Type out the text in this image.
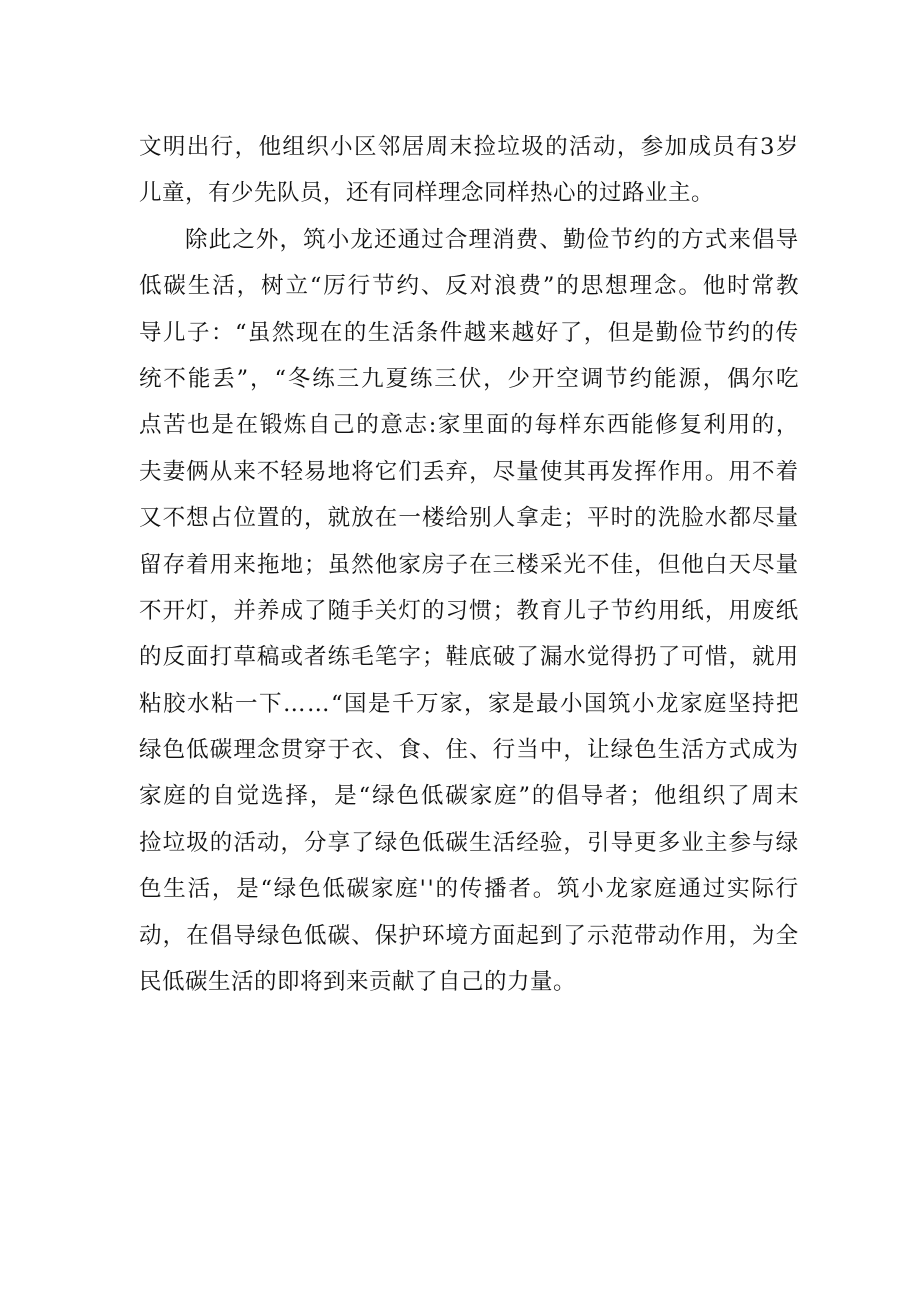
文 明 出 行 ， 他 组 织 小 区 邻 居 周 末 捡 垃 圾 的 活 动 ， 参 加 成 员 有 3 岁
儿童，有少先队员，还有同样理念同样热心的过路业主。
除 此 之 外 ， 筑 小 龙 还 通 过 合 理 消 费 、 勤 俭 节 约 的 方 式 来 倡 导
低 碳 生 活 ， 树 立 “ 厉 行 节 约 、 反 对 浪 费 ” 的 思 想 理 念 。 他 时 常 教
导 儿 子 ： “ 虽 然 现 在 的 生 活 条 件 越 来 越 好 了 ， 但 是 勤 俭 节 约 的 传
统 不 能 丢 ” ， “ 冬 练 三 九 夏 练 三 伏 ， 少 开 空 调 节 约 能 源 ， 偶 尔 吃
点 苦 也 是 在 锻 炼 自 己 的 意 志 : 家 里 面 的 每 样 东 西 能 修 复 利 用 的 ，
夫 妻 俩 从 来 不 轻 易 地 将 它 们 丢 弃 ， 尽 量 使 其 再 发 挥 作 用 。 用 不 着
又 不 想 占 位 置 的 ， 就 放 在 一 楼 给 别 人 拿 走 ； 平 时 的 洗 脸 水 都 尽 量
留 存 着 用 来 拖 地 ； 虽 然 他 家 房 子 在 三 楼 采 光 不 佳 ， 但 他 白 天 尽 量
不 开 灯 ， 并 养 成 了 随 手 关 灯 的 习 惯 ； 教 育 儿 子 节 约 用 纸 ， 用 废 纸
的 反 面 打 草 稿 或 者 练 毛 笔 字 ； 鞋 底 破 了 漏 水 觉 得 扔 了 可 惜 ， 就 用
粘 胶 水 粘 一 下 … … “ 国 是 千 万 家 ， 家 是 最 小 国 筑 小 龙 家 庭 坚 持 把
绿 色 低 碳 理 念 贯 穿 于 衣 、 食 、 住 、 行 当 中 ， 让 绿 色 生 活 方 式 成 为
家 庭 的 自 觉 选 择 ， 是 “ 绿 色 低 碳 家 庭 ” 的 倡 导 者 ； 他 组 织 了 周 末
捡 垃 圾 的 活 动 ， 分 享 了 绿 色 低 碳 生 活 经 验 ， 引 导 更 多 业 主 参 与 绿
色 生 活 ， 是 “ 绿 色 低 碳 家 庭 ' ' 的 传 播 者 。 筑 小 龙 家 庭 通 过 实 际 行
动 ， 在 倡 导 绿 色 低 碳 、 保 护 环 境 方 面 起 到 了 示 范 带 动 作 用 ， 为 全
民低碳生活的即将到来贡献了自己的力量。
